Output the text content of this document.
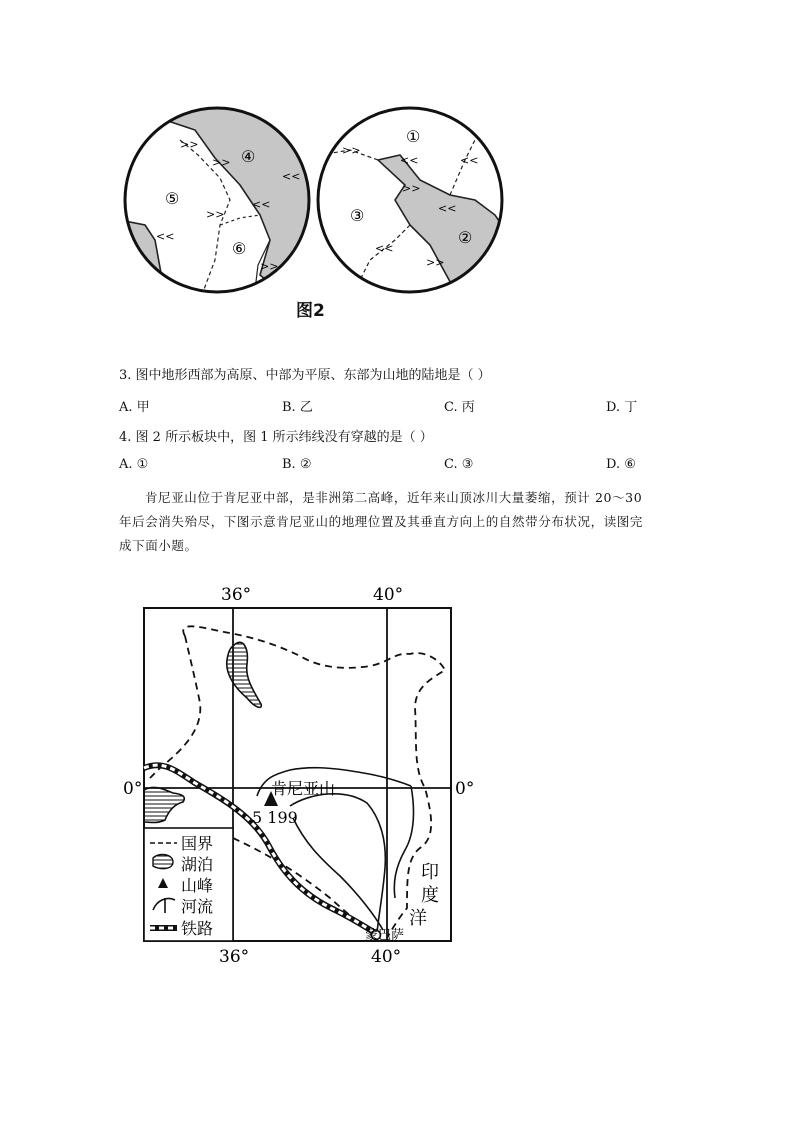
>>
>>
>>
<<
<<
<<
>>
④
⑤
⑥
>>
<<	<<
>>
<<
<<
>>
①
③
②
图2
3. 图中地形西部为高原、中部为平原、东部为山地的陆地是（ ）
A. 甲	B. 乙	C. 丙	D. 丁
4. 图 2 所示板块中，图 1 所示纬线没有穿越的是（ ）
A. ①	B. ②	C. ③	D. ⑥
肯尼亚山位于肯尼亚中部，是非洲第二高峰，近年来山顶冰川大量萎缩，预计 20～30
年后会消失殆尽，下图示意肯尼亚山的地理位置及其垂直方向上的自然带分布状况，读图完
成下面小题。
肯尼亚山
5 199
蒙巴萨
印
度
洋
36°	40°
36°	40°
0°	0°
国界
湖泊
山峰
河流
铁路
